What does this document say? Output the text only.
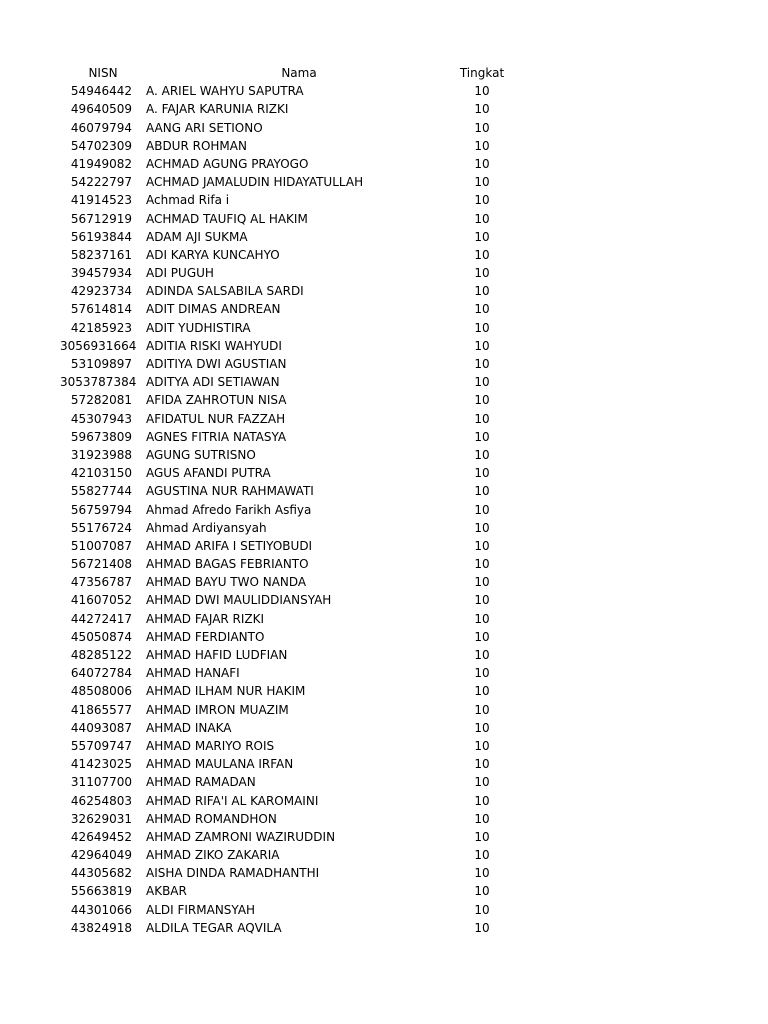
NISN	Nama	Tingkat
54946442 A. ARIEL WAHYU SAPUTRA	10
49640509 A. FAJAR KARUNIA RIZKI	10
46079794 AANG ARI SETIONO	10
54702309 ABDUR ROHMAN	10
41949082 ACHMAD AGUNG PRAYOGO	10
54222797 ACHMAD JAMALUDIN HIDAYATULLAH	10
41914523 Achmad Rifa i	10
56712919 ACHMAD TAUFIQ AL HAKIM	10
56193844 ADAM AJI SUKMA	10
58237161 ADI KARYA KUNCAHYO	10
39457934 ADI PUGUH	10
42923734 ADINDA SALSABILA SARDI	10
57614814 ADIT DIMAS ANDREAN	10
42185923 ADIT YUDHISTIRA	10
3056931664 ADITIA RISKI WAHYUDI	10
53109897 ADITIYA DWI AGUSTIAN	10
3053787384 ADITYA ADI SETIAWAN	10
57282081 AFIDA ZAHROTUN NISA	10
45307943 AFIDATUL NUR FAZZAH	10
59673809 AGNES FITRIA NATASYA	10
31923988 AGUNG SUTRISNO	10
42103150 AGUS AFANDI PUTRA	10
55827744 AGUSTINA NUR RAHMAWATI	10
56759794 Ahmad Afredo Farikh Asfiya	10
55176724 Ahmad Ardiyansyah	10
51007087 AHMAD ARIFA I SETIYOBUDI	10
56721408 AHMAD BAGAS FEBRIANTO	10
47356787 AHMAD BAYU TWO NANDA	10
41607052 AHMAD DWI MAULIDDIANSYAH	10
44272417 AHMAD FAJAR RIZKI	10
45050874 AHMAD FERDIANTO	10
48285122 AHMAD HAFID LUDFIAN	10
64072784 AHMAD HANAFI	10
48508006 AHMAD ILHAM NUR HAKIM	10
41865577 AHMAD IMRON MUAZIM	10
44093087 AHMAD INAKA	10
55709747 AHMAD MARIYO ROIS	10
41423025 AHMAD MAULANA IRFAN	10
31107700 AHMAD RAMADAN	10
46254803 AHMAD RIFA'I AL KAROMAINI	10
32629031 AHMAD ROMANDHON	10
42649452 AHMAD ZAMRONI WAZIRUDDIN	10
42964049 AHMAD ZIKO ZAKARIA	10
44305682 AISHA DINDA RAMADHANTHI	10
55663819 AKBAR	10
44301066 ALDI FIRMANSYAH	10
43824918 ALDILA TEGAR AQVILA	10
